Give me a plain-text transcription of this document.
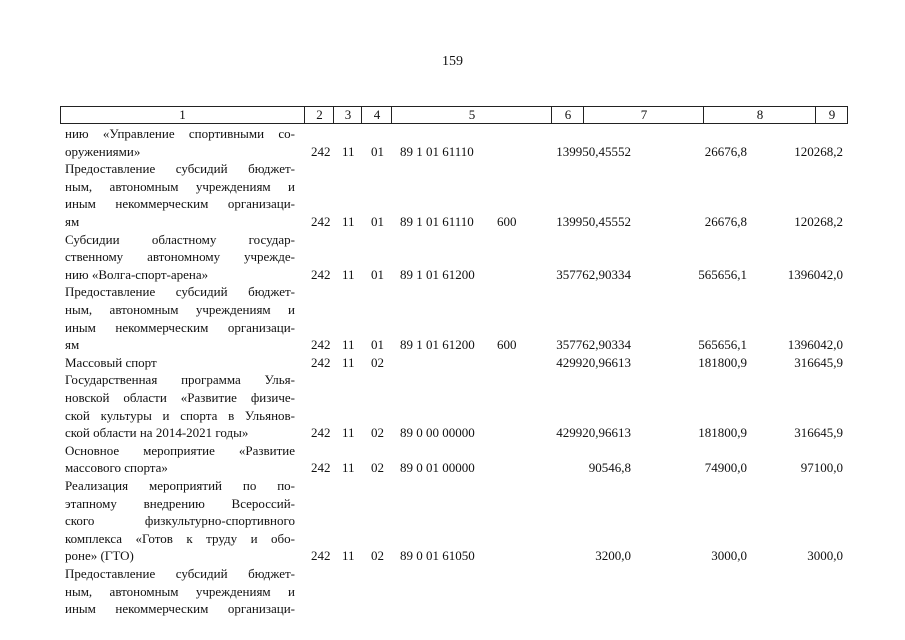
159
1	2	3	4	5	6	7	8	9
нию «Управление спортивными со-
оружениями»	242 11 01 89 1 01 61110	139950,45552	26676,8	120268,2
Предоставление субсидий бюджет-
ным, автономным учреждениям и
иным некоммерческим организаци-
ям	242 11 01 89 1 01 61110 600	139950,45552	26676,8	120268,2
Субсидии областному государ-
ственному автономному учрежде-
нию «Волга-спорт-арена»	242 11 01 89 1 01 61200	357762,90334	565656,1	1396042,0
Предоставление субсидий бюджет-
ным, автономным учреждениям и
иным некоммерческим организаци-
ям	242 11 01 89 1 01 61200 600	357762,90334	565656,1	1396042,0
Массовый спорт	242 11 02	429920,96613	181800,9	316645,9
Государственная программа Улья-
новской области «Развитие физиче-
ской культуры и спорта в Ульянов-
ской области на 2014-2021 годы»	242 11 02 89 0 00 00000	429920,96613	181800,9	316645,9
Основное мероприятие «Развитие
массового спорта»	242 11 02 89 0 01 00000	90546,8	74900,0	97100,0
Реализация мероприятий по по-
этапному внедрению Всероссий-
ского физкультурно-спортивного
комплекса «Готов к труду и обо-
роне» (ГТО)	242 11 02 89 0 01 61050	3200,0	3000,0	3000,0
Предоставление субсидий бюджет-
ным, автономным учреждениям и
иным некоммерческим организаци-
